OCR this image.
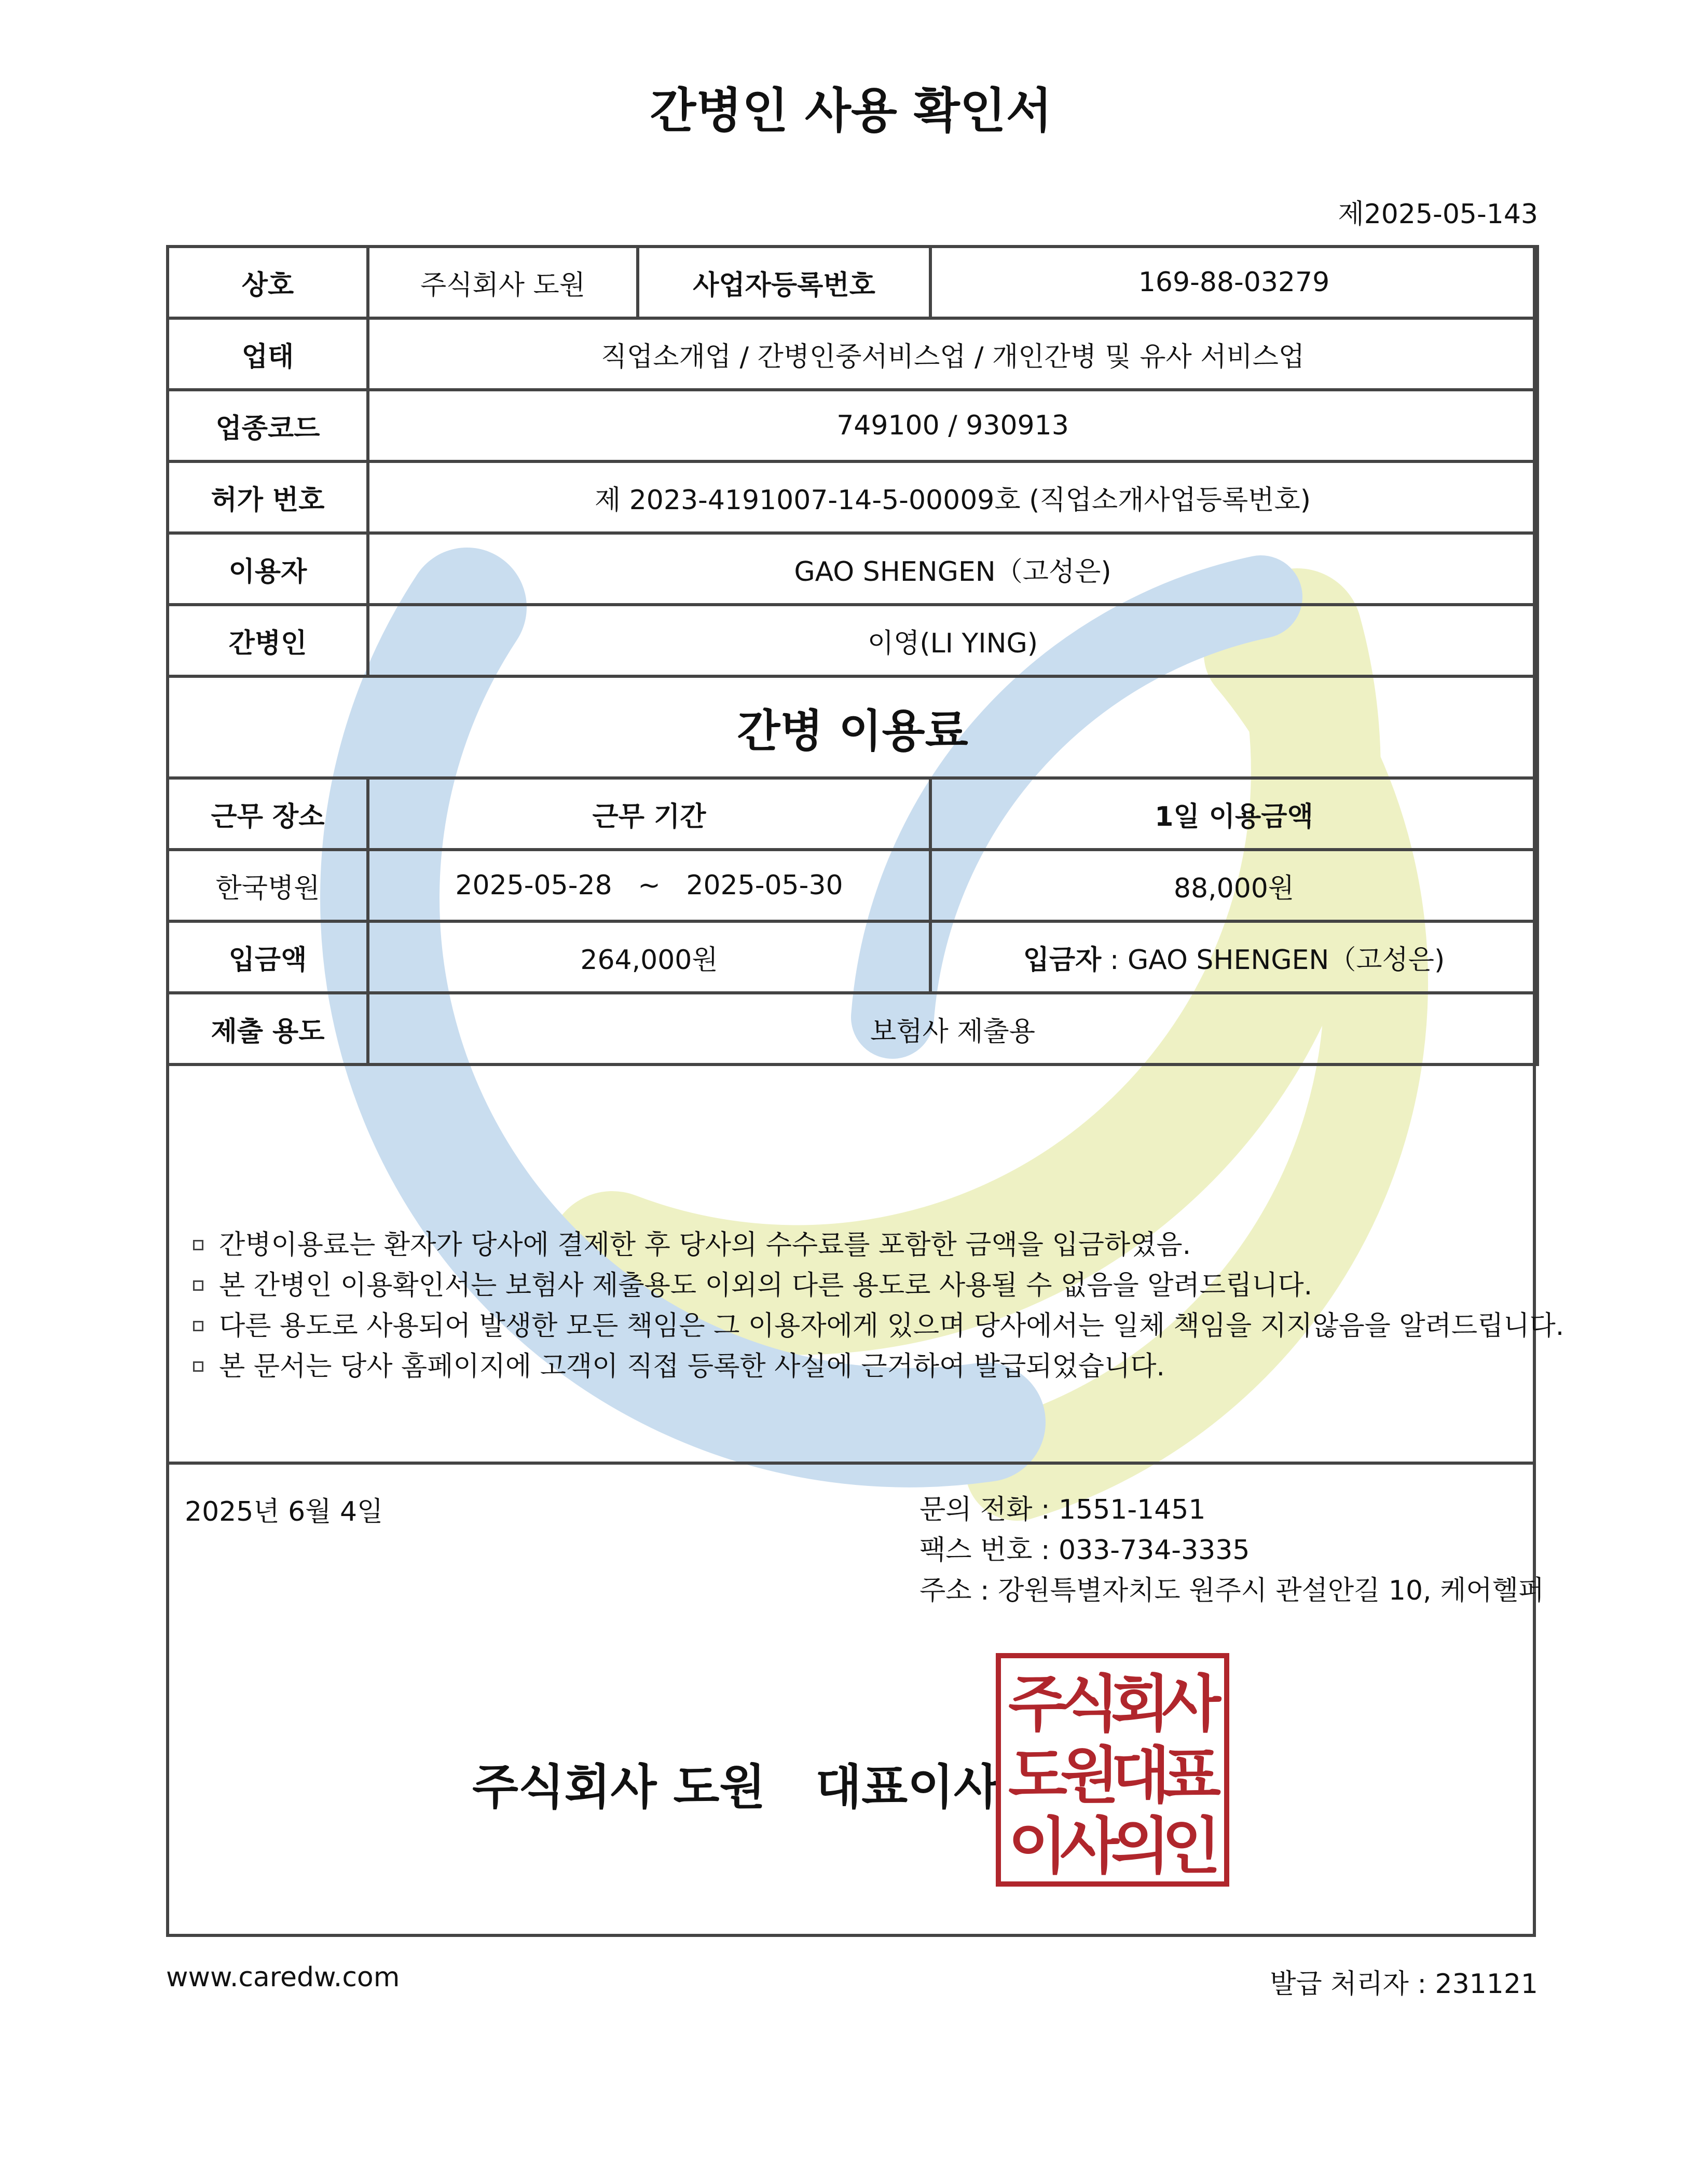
간병인 사용 확인서
제2025-05-143
상호	주식회사 도원	사업자등록번호	169-88-03279
업태	직업소개업 / 간병인중서비스업 / 개인간병 및 유사 서비스업		
업종코드	749100 / 930913		
허가 번호	제 2023-4191007-14-5-00009호 (직업소개사업등록번호)		
이용자	GAO SHENGEN（고성은)		
간병인	이영(LI YING)		
간병 이용료			
근무 장소	근무 기간		1일 이용금액
한국병원	2025-05-28   ~   2025-05-30		88,000원
입금액	264,000원		입금자 : GAO SHENGEN（고성은)
제출 용도	보험사 제출용		
간병이용료는 환자가 당사에 결제한 후 당사의 수수료를 포함한 금액을 입금하였음.
본 간병인 이용확인서는 보험사 제출용도 이외의 다른 용도로 사용될 수 없음을 알려드립니다.
다른 용도로 사용되어 발생한 모든 책임은 그 이용자에게 있으며 당사에서는 일체 책임을 지지않음을 알려드립니다.
본 문서는 당사 홈페이지에 고객이 직접 등록한 사실에 근거하여 발급되었습니다.
2025년 6월 4일	문의 전화 : 1551-1451
팩스 번호 : 033-734-3335
주소 : 강원특별자치도 원주시 관설안길 10, 케어헬퍼
주식회사 도원   대표이사
주
식
회
사
도
원
대
표
이
사
의
인
www.caredw.com	발급 처리자 : 231121
